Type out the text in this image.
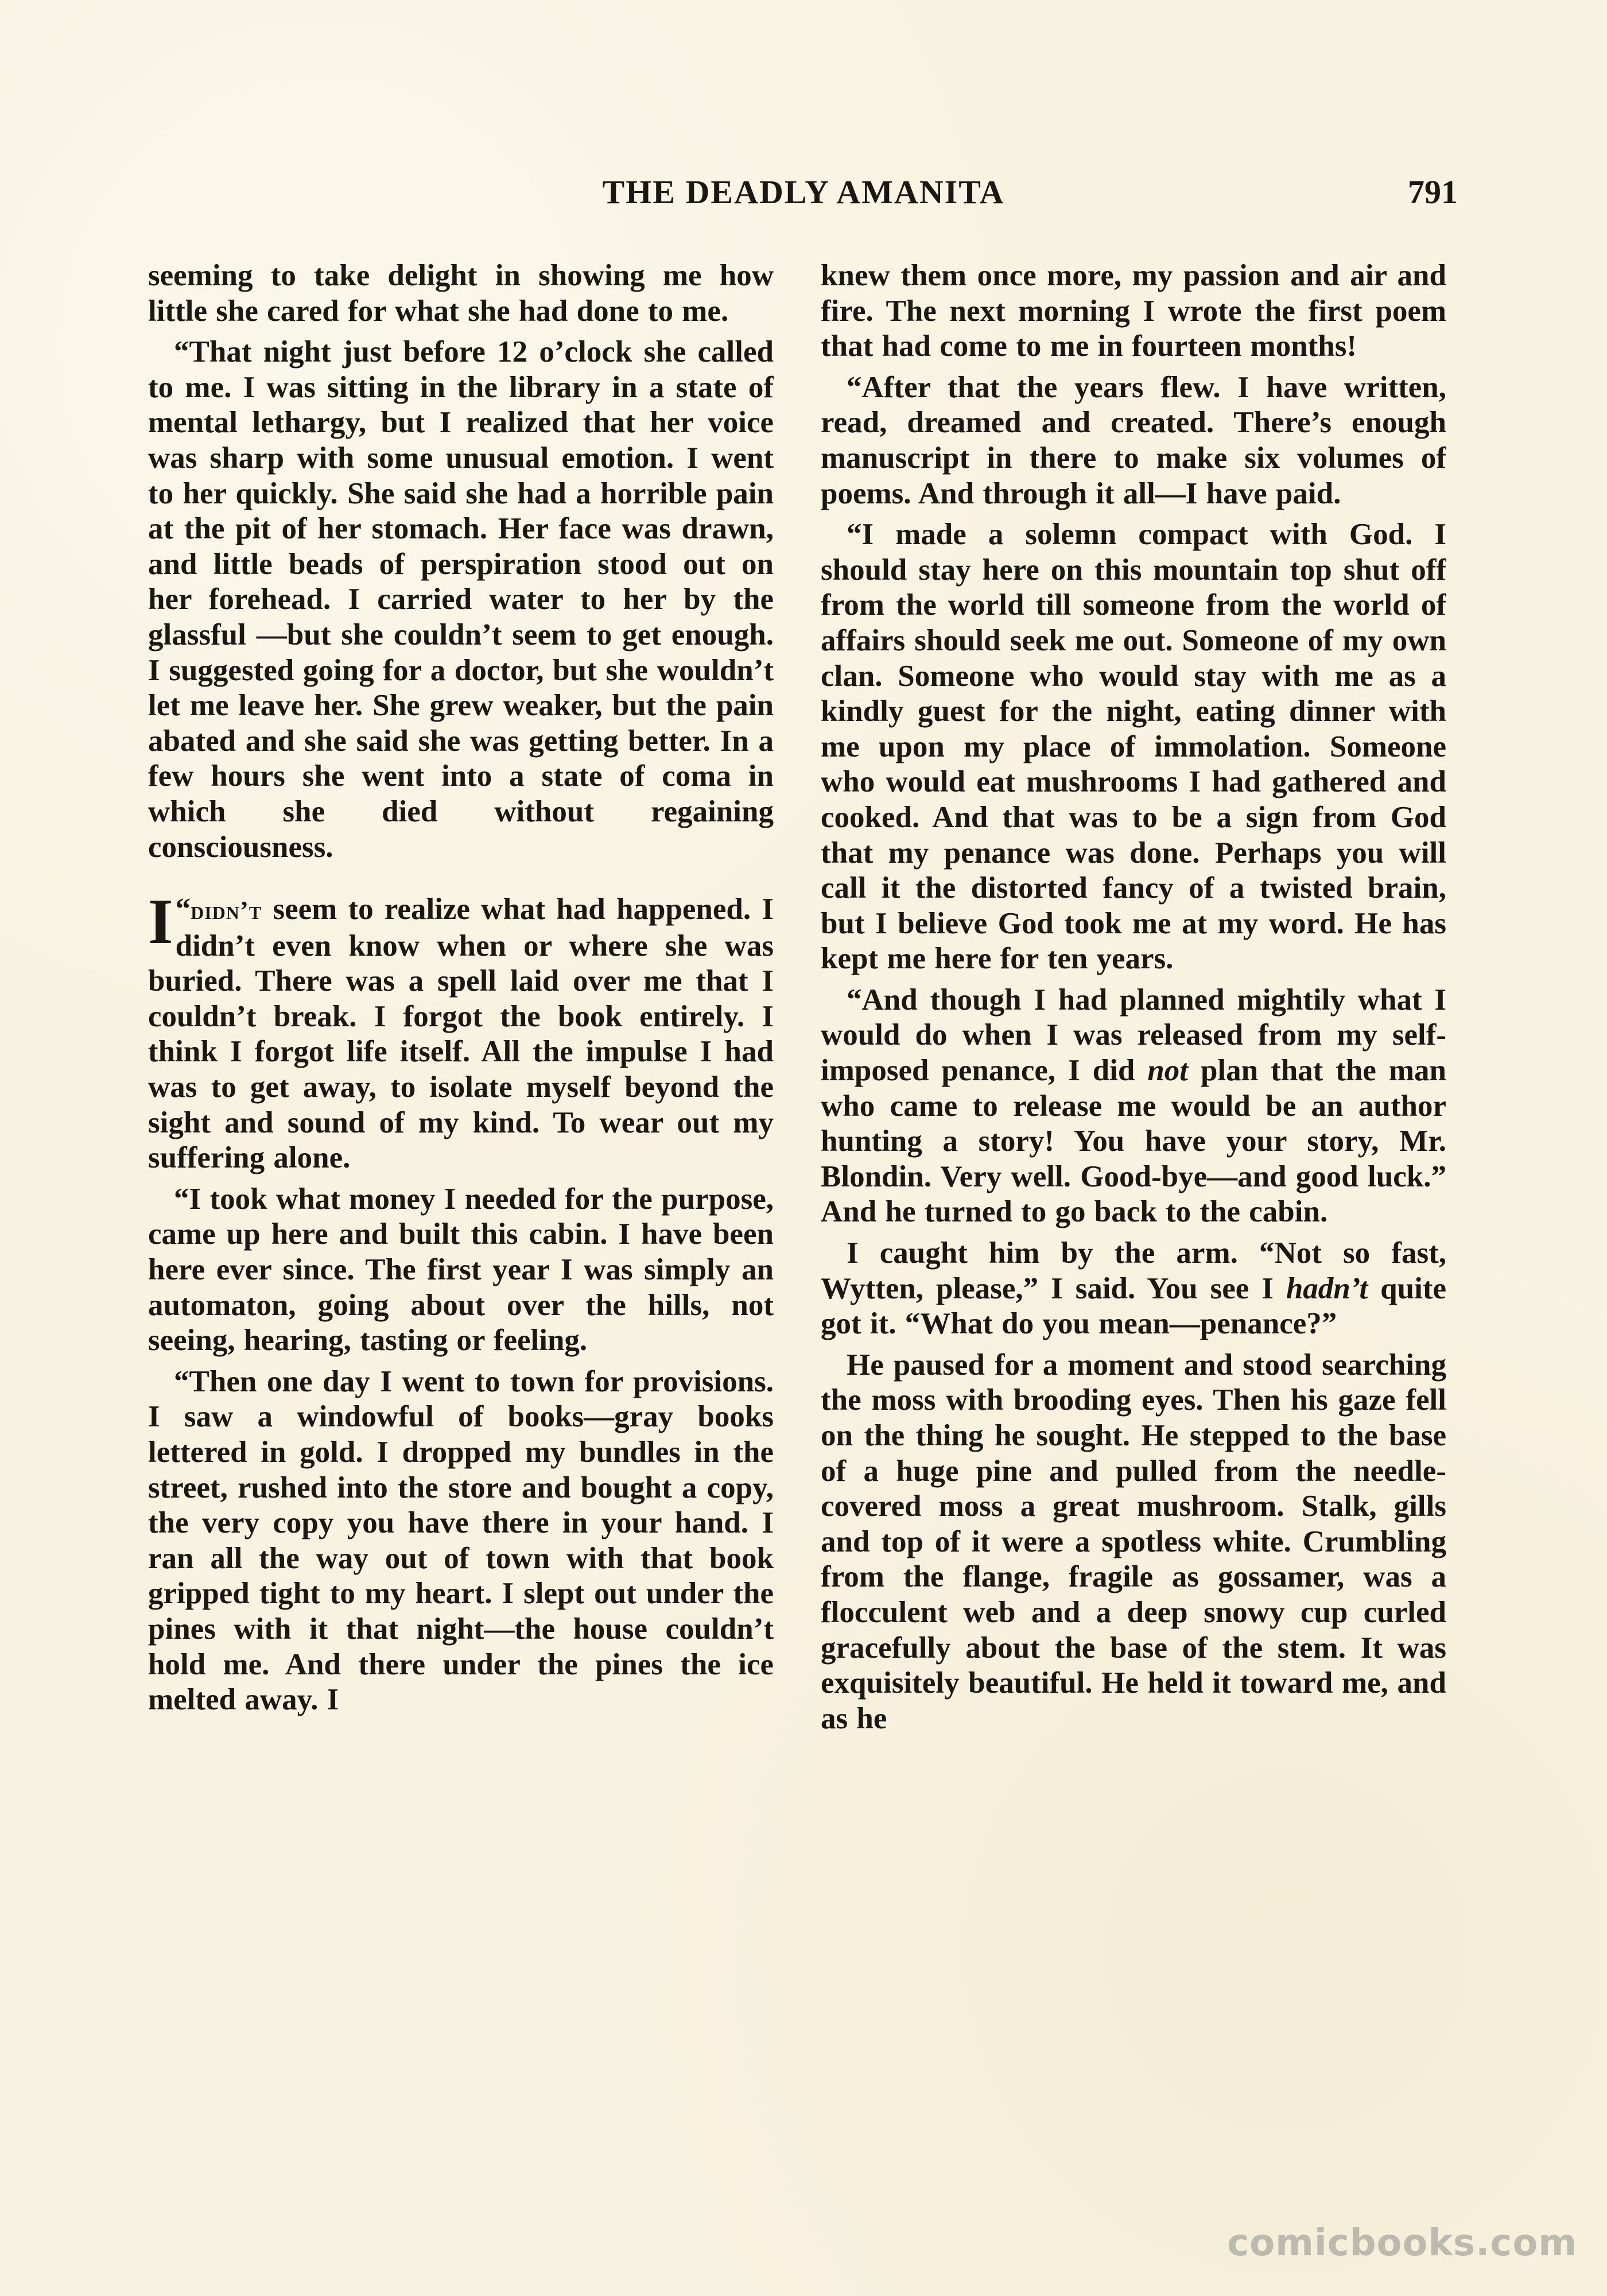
THE DEADLY AMANITA	791

seeming to take delight in showing me how little she cared for what she had done to me.

“That night just before 12 o’clock she called to me. I was sitting in the library in a state of mental lethargy, but I realized that her voice was sharp with some unusual emotion. I went to her quickly. She said she had a horrible pain at the pit of her stomach. Her face was drawn, and little beads of perspiration stood out on her forehead. I carried water to her by the glassful —but she couldn’t seem to get enough. I suggested going for a doctor, but she wouldn’t let me leave her. She grew weaker, but the pain abated and she said she was getting better. In a few hours she went into a state of coma in which she died without regaining consciousness.

“
I didn’t seem to realize what had happened. I didn’t even know when or where she was buried. There was a spell laid over me that I couldn’t break. I forgot the book entirely. I think I forgot life itself. All the impulse I had was to get away, to isolate myself beyond the sight and sound of my kind. To wear out my suffering alone.

“I took what money I needed for the purpose, came up here and built this cabin. I have been here ever since. The first year I was simply an automaton, going about over the hills, not seeing, hearing, tasting or feeling.

“Then one day I went to town for provisions. I saw a windowful of books—gray books lettered in gold. I dropped my bundles in the street, rushed into the store and bought a copy, the very copy you have there in your hand. I ran all the way out of town with that book gripped tight to my heart. I slept out under the pines with it that night—the house couldn’t hold me. And there under the pines the ice melted away. I

knew them once more, my passion and air and fire. The next morning I wrote the first poem that had come to me in fourteen months!

“After that the years flew. I have written, read, dreamed and created. There’s enough manuscript in there to make six volumes of poems. And through it all—I have paid.

“I made a solemn compact with God. I should stay here on this mountain top shut off from the world till someone from the world of affairs should seek me out. Someone of my own clan. Someone who would stay with me as a kindly guest for the night, eating dinner with me upon my place of immolation. Someone who would eat mushrooms I had gathered and cooked. And that was to be a sign from God that my penance was done. Perhaps you will call it the distorted fancy of a twisted brain, but I believe God took me at my word. He has kept me here for ten years.

“And though I had planned mightily what I would do when I was released from my self-imposed penance, I did not plan that the man who came to release me would be an author hunting a story! You have your story, Mr. Blondin. Very well. Good-bye—and good luck.” And he turned to go back to the cabin.

I caught him by the arm. “Not so fast, Wytten, please,” I said. You see I hadn’t quite got it. “What do you mean—penance?”

He paused for a moment and stood searching the moss with brooding eyes. Then his gaze fell on the thing he sought. He stepped to the base of a huge pine and pulled from the needle-covered moss a great mushroom. Stalk, gills and top of it were a spotless white. Crumbling from the flange, fragile as gossamer, was a flocculent web and a deep snowy cup curled gracefully about the base of the stem. It was exquisitely beautiful. He held it toward me, and as he

comicbooks.com
